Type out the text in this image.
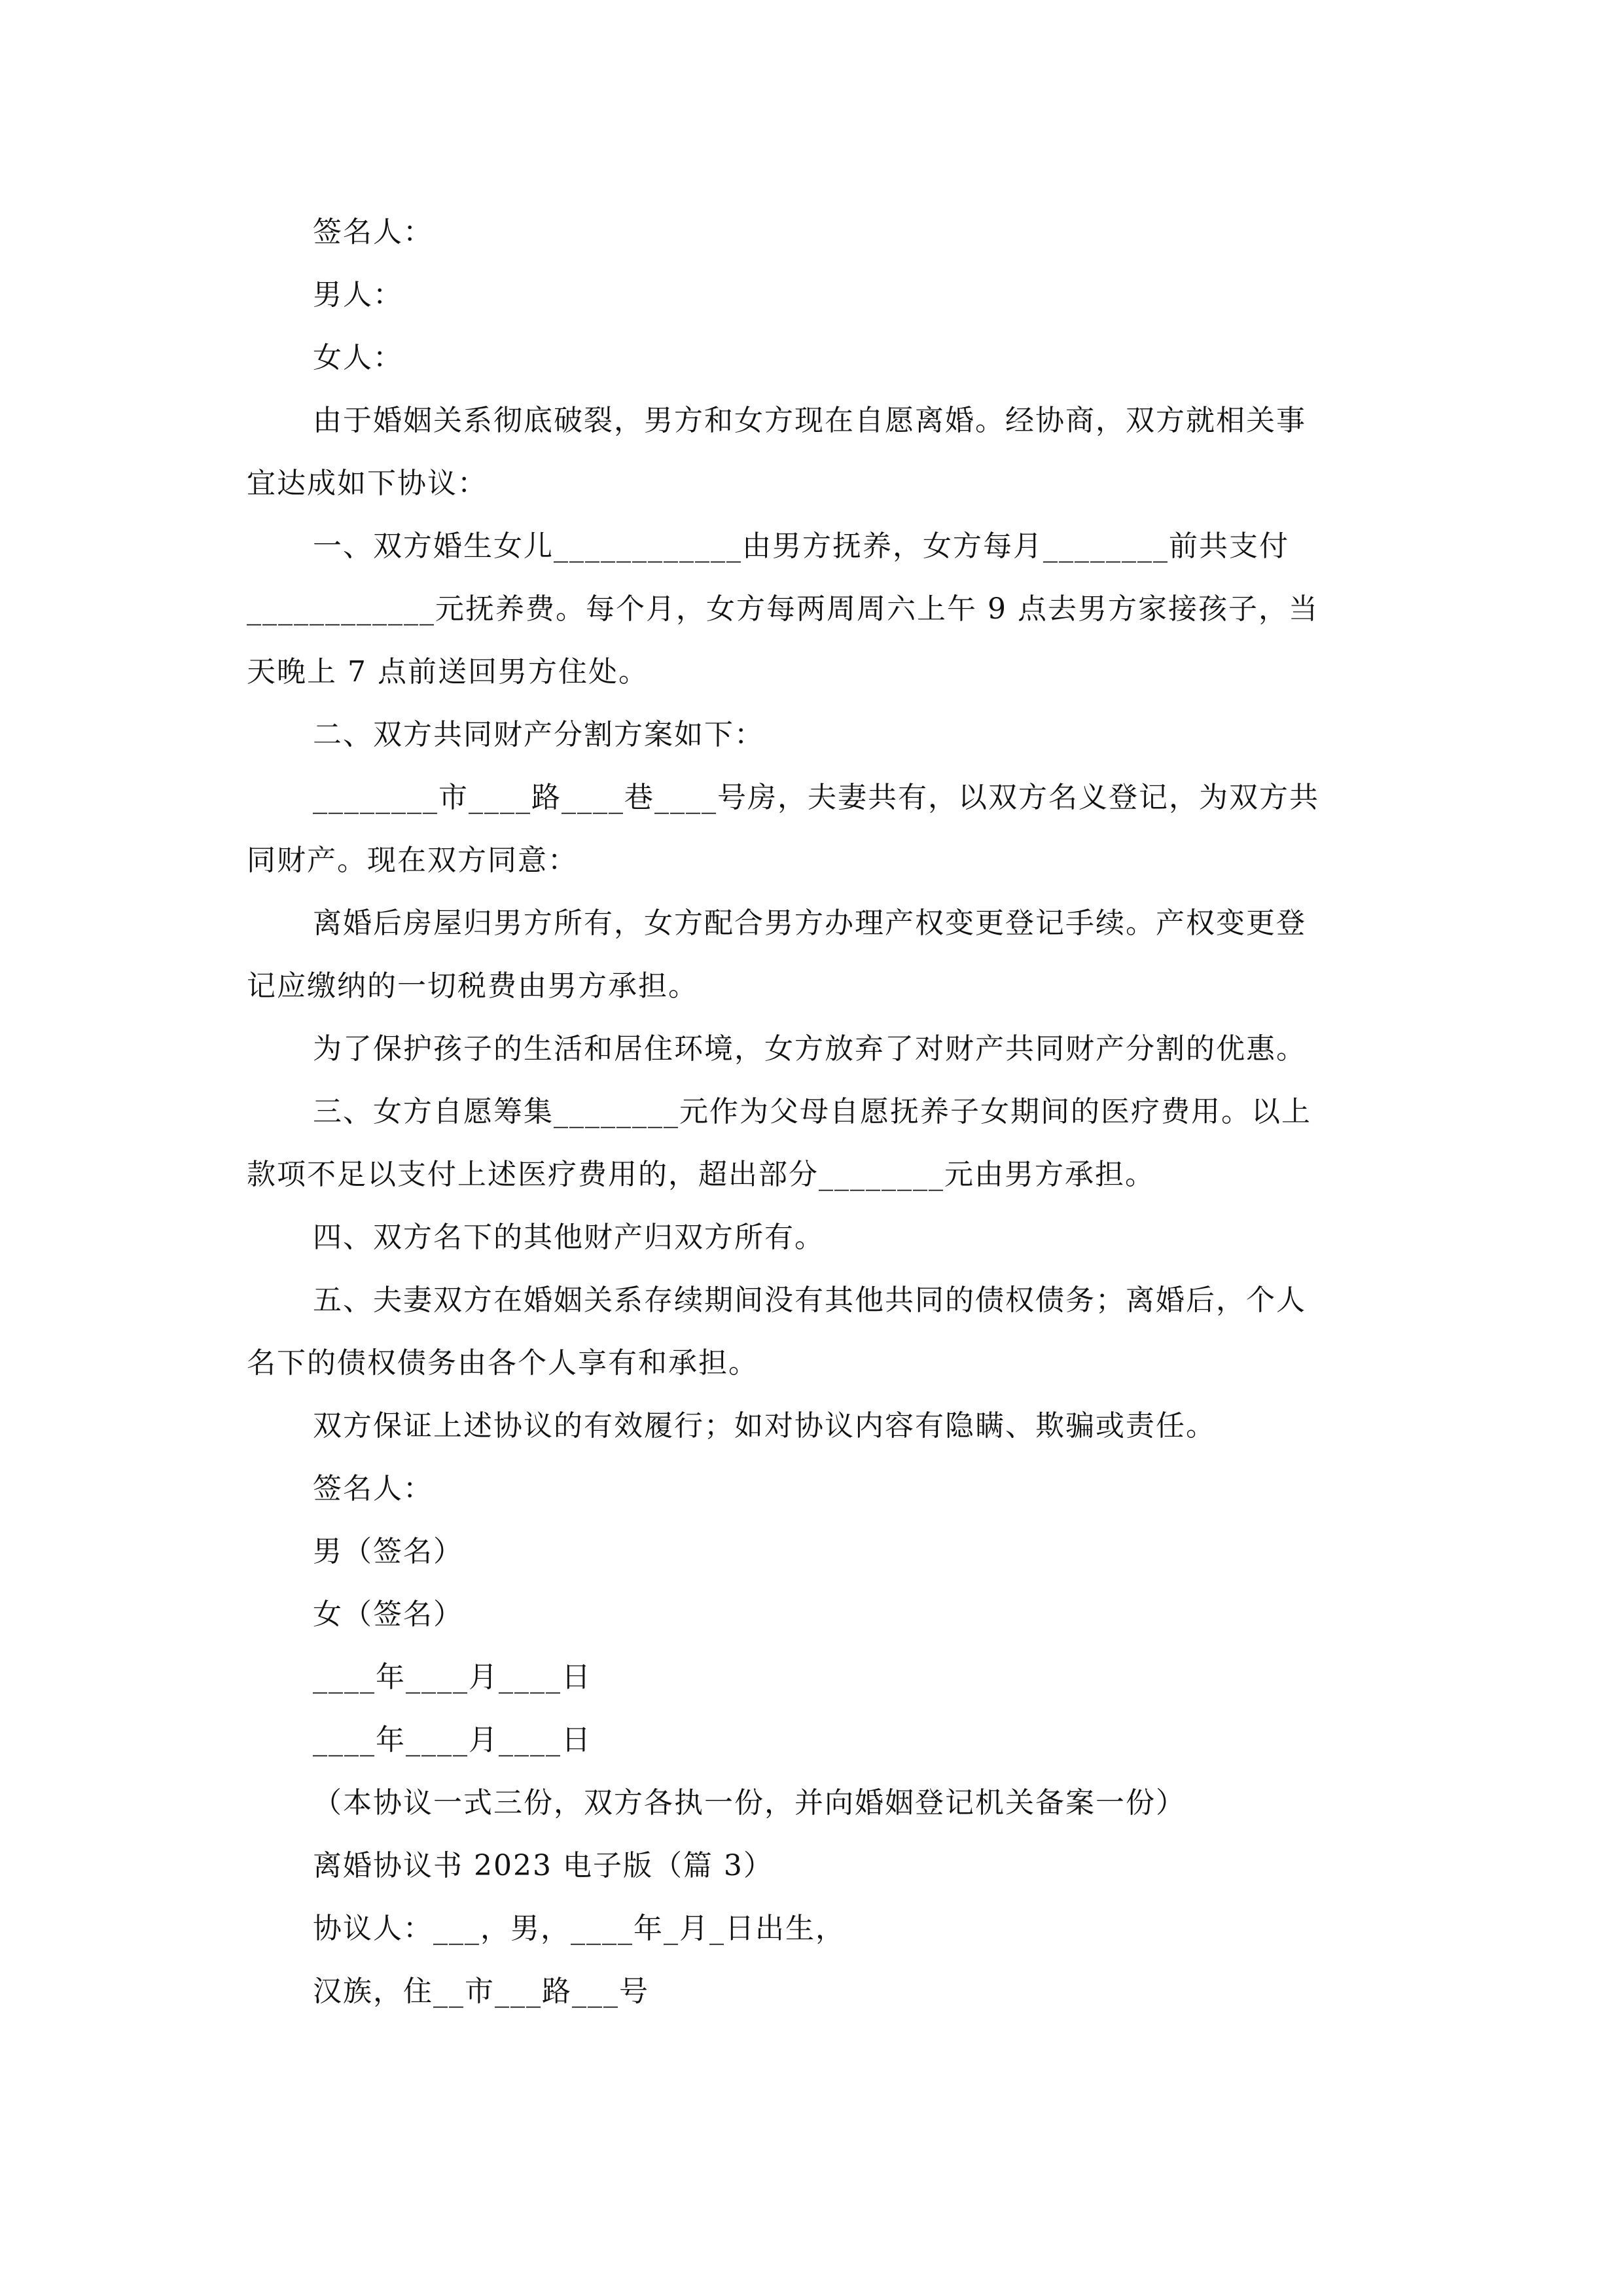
签名人：
男人：
女人：
由于婚姻关系彻底破裂，男方和女方现在自愿离婚。经协商，双方就相关事
宜达成如下协议：
一、双方婚生女儿____________由男方抚养，女方每月________前共支付
____________元抚养费。每个月，女方每两周周六上午 9 点去男方家接孩子，当
天晚上 7 点前送回男方住处。
二、双方共同财产分割方案如下：
________市____路____巷____号房，夫妻共有，以双方名义登记，为双方共
同财产。现在双方同意：
离婚后房屋归男方所有，女方配合男方办理产权变更登记手续。产权变更登
记应缴纳的一切税费由男方承担。
为了保护孩子的生活和居住环境，女方放弃了对财产共同财产分割的优惠。
三、女方自愿筹集________元作为父母自愿抚养子女期间的医疗费用。以上
款项不足以支付上述医疗费用的，超出部分________元由男方承担。
四、双方名下的其他财产归双方所有。
五、夫妻双方在婚姻关系存续期间没有其他共同的债权债务；离婚后，个人
名下的债权债务由各个人享有和承担。
双方保证上述协议的有效履行；如对协议内容有隐瞒、欺骗或责任。
签名人：
男（签名）
女（签名）
____年____月____日
____年____月____日
（本协议一式三份，双方各执一份，并向婚姻登记机关备案一份）
离婚协议书 2023 电子版（篇 3）
协议人：___，男，____年_月_日出生，
汉族，住__市___路___号
